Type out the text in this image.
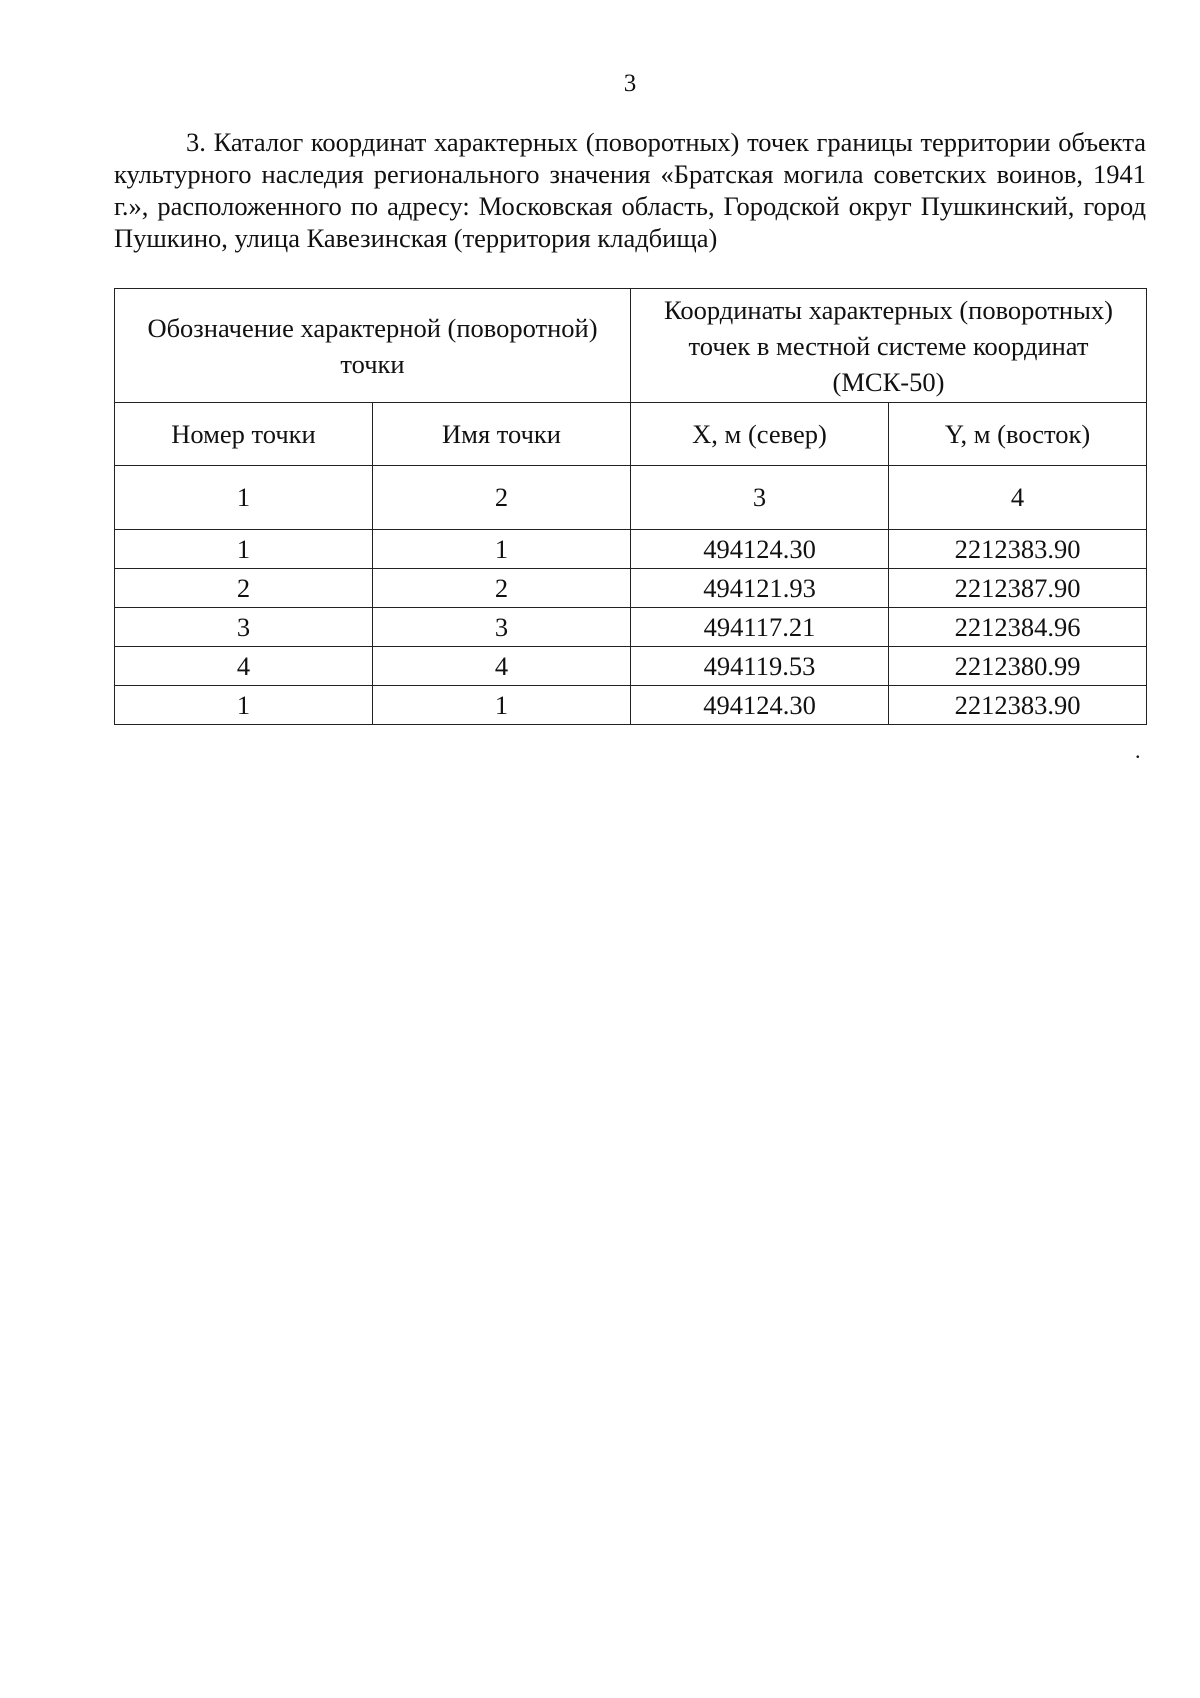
3

3. Каталог координат характерных (поворотных) точек границы территории объекта культурного наследия регионального значения «Братская могила советских воинов, 1941 г.», расположенного по адресу: Московская область, Городской округ Пушкинский, город Пушкино, улица Кавезинская (территория кладбища)

Обозначение характерной (поворотной) точки		Координаты характерных (поворотных) точек в местной системе координат (МСК-50)	
Номер точки	Имя точки	X, м (север)	Y, м (восток)
1	2	3	4
1	1	494124.30	2212383.90
2	2	494121.93	2212387.90
3	3	494117.21	2212384.96
4	4	494119.53	2212380.99
1	1	494124.30	2212383.90
.
